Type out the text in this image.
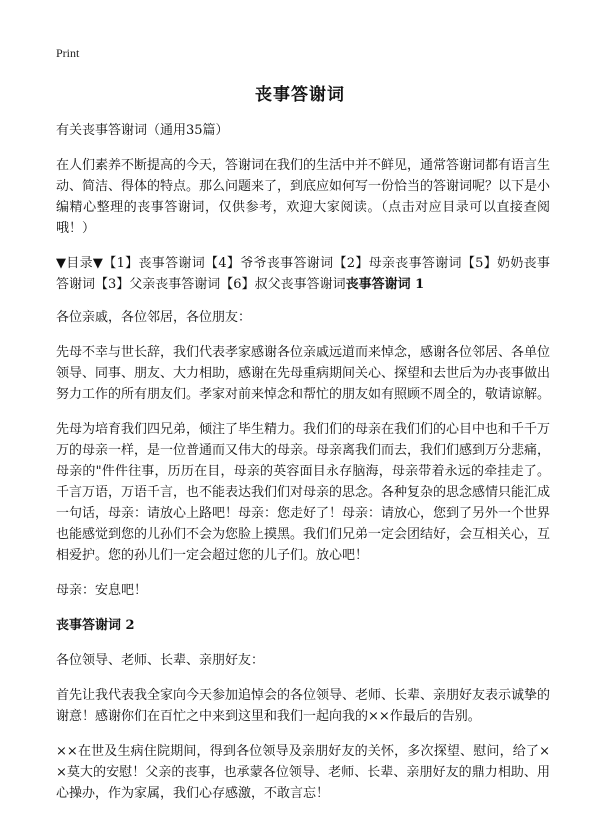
Print
丧事答谢词

有关丧事答谢词（通用35篇）

在人们素养不断提高的今天，答谢词在我们的生活中并不鲜见，通常答谢词都有语言生动、简洁、得体的特点。那么问题来了，到底应如何写一份恰当的答谢词呢？以下是小编精心整理的丧事答谢词，仅供参考，欢迎大家阅读。（点击对应目录可以直接查阅哦！）

▼目录▼【1】丧事答谢词【4】爷爷丧事答谢词【2】母亲丧事答谢词【5】奶奶丧事答谢词【3】父亲丧事答谢词【6】叔父丧事答谢词丧事答谢词 1

各位亲戚，各位邻居，各位朋友：

先母不幸与世长辞，我们代表孝家感谢各位亲戚远道而来悼念，感谢各位邻居、各单位领导、同事、朋友、大力相助，感谢在先母重病期间关心、探望和去世后为办丧事做出努力工作的所有朋友们。孝家对前来悼念和帮忙的朋友如有照顾不周全的，敬请谅解。

先母为培育我们四兄弟，倾注了毕生精力。我们们的母亲在我们们的心目中也和千千万万的母亲一样，是一位普通而又伟大的母亲。母亲离我们而去，我们们感到万分悲痛，母亲的"件件往事，历历在目，母亲的英容面目永存脑海，母亲带着永远的牵挂走了。千言万语，万语千言，也不能表达我们们对母亲的思念。各种复杂的思念感情只能汇成一句话，母亲：请放心上路吧！母亲：您走好了！母亲：请放心，您到了另外一个世界也能感觉到您的儿孙们不会为您脸上摸黑。我们们兄弟一定会团结好，会互相关心，互相爱护。您的孙儿们一定会超过您的儿子们。放心吧！

母亲：安息吧！

丧事答谢词 2

各位领导、老师、长辈、亲朋好友：

首先让我代表我全家向今天参加追悼会的各位领导、老师、长辈、亲朋好友表示诚挚的谢意！感谢你们在百忙之中来到这里和我们一起向我的××作最后的告别。

××在世及生病住院期间，得到各位领导及亲朋好友的关怀，多次探望、慰问，给了××莫大的安慰！父亲的丧事，也承蒙各位领导、老师、长辈、亲朋好友的鼎力相助、用心操办，作为家属，我们心存感激，不敢言忘！
